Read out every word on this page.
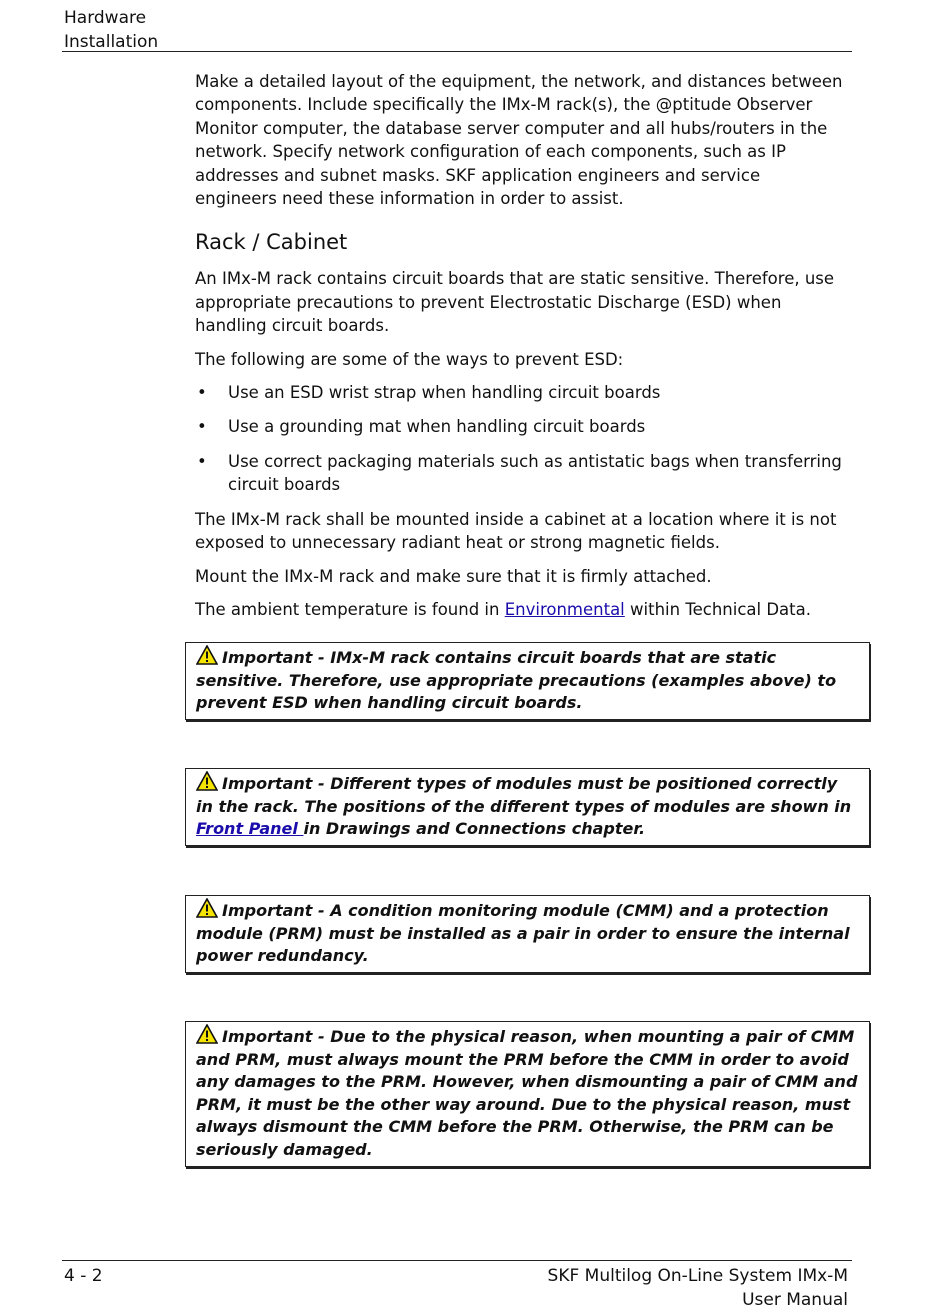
Hardware
Installation

Make a detailed layout of the equipment, the network, and distances between components. Include specifically the IMx-M rack(s), the @ptitude Observer Monitor computer, the database server computer and all hubs/routers in the network. Specify network configuration of each components, such as IP addresses and subnet masks. SKF application engineers and service engineers need these information in order to assist.

Rack / Cabinet

An IMx-M rack contains circuit boards that are static sensitive. Therefore, use appropriate precautions to prevent Electrostatic Discharge (ESD) when handling circuit boards.

The following are some of the ways to prevent ESD:

• Use an ESD wrist strap when handling circuit boards
• Use a grounding mat when handling circuit boards
• Use correct packaging materials such as antistatic bags when transferring circuit boards

The IMx-M rack shall be mounted inside a cabinet at a location where it is not exposed to unnecessary radiant heat or strong magnetic fields.

Mount the IMx-M rack and make sure that it is firmly attached.

The ambient temperature is found in Environmental within Technical Data.

Important - IMx-M rack contains circuit boards that are static sensitive. Therefore, use appropriate precautions (examples above) to prevent ESD when handling circuit boards.
Important - Different types of modules must be positioned correctly in the rack. The positions of the different types of modules are shown in Front Panel in Drawings and Connections chapter.
Important - A condition monitoring module (CMM) and a protection module (PRM) must be installed as a pair in order to ensure the internal power redundancy.
Important - Due to the physical reason, when mounting a pair of CMM and PRM, must always mount the PRM before the CMM in order to avoid any damages to the PRM. However, when dismounting a pair of CMM and PRM, it must be the other way around. Due to the physical reason, must always dismount the CMM before the PRM. Otherwise, the PRM can be seriously damaged.
4 - 2	SKF Multilog On-Line System IMx-M
User Manual
